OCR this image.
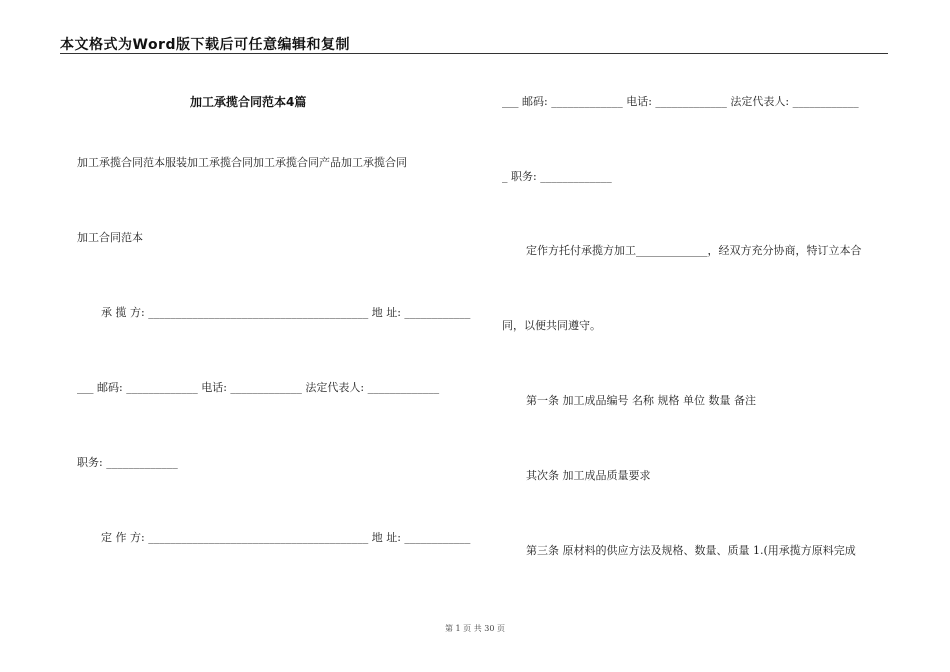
本文格式为Word版下载后可任意编辑和复制
加工承揽合同范本4篇
加工承揽合同范本服装加工承揽合同加工承揽合同产品加工承揽合同
加工合同范本
承 揽 方: ________________________________________ 地 址: ____________
___ 邮码: _____________ 电话: _____________ 法定代表人: _____________
职务: _____________
定 作 方: ________________________________________ 地 址: ____________
___ 邮码: _____________ 电话: _____________ 法定代表人: ____________
_ 职务: _____________
定作方托付承揽方加工_____________，经双方充分协商，特订立本合
同，以便共同遵守。
第一条 加工成品编号 名称 规格 单位 数量 备注
其次条 加工成品质量要求
第三条 原材料的供应方法及规格、数量、质量 1.(用承揽方原料完成
第 1 页 共 30 页
